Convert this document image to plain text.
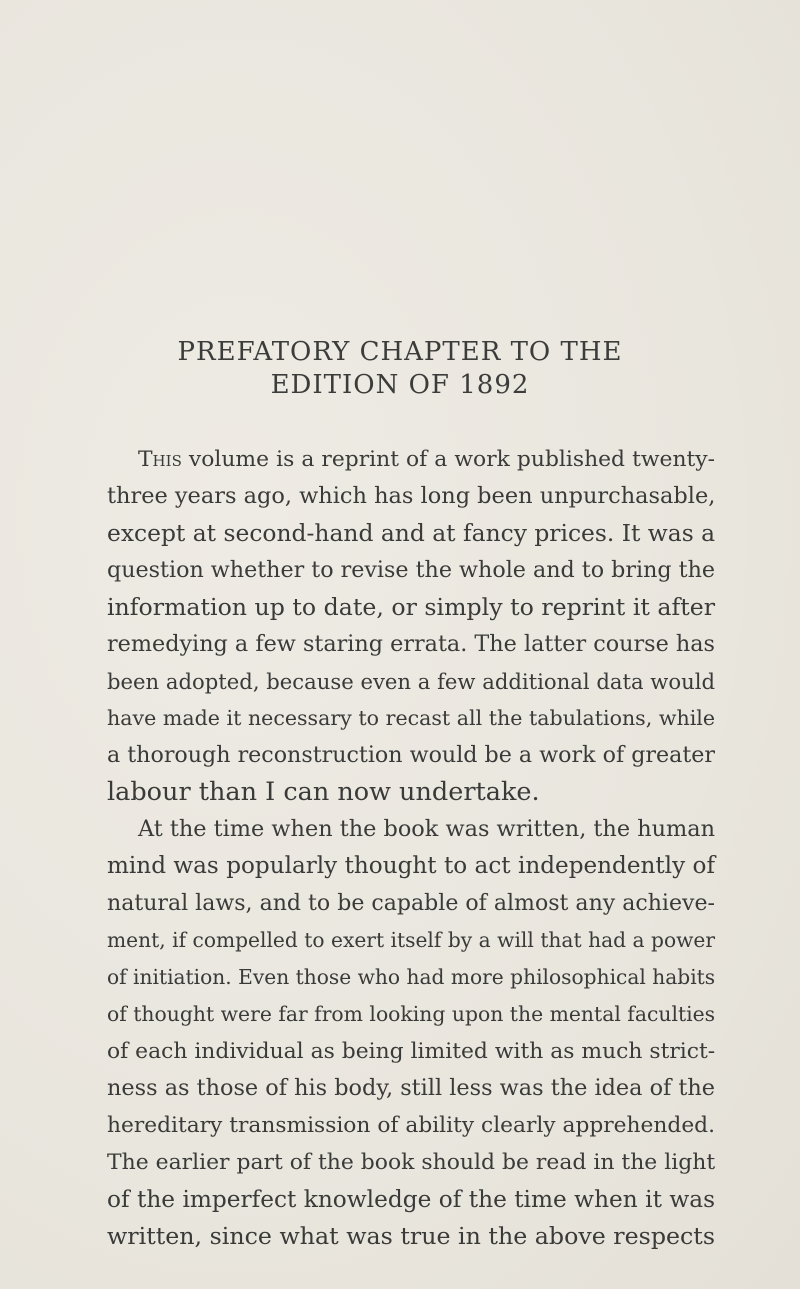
PREFATORY CHAPTER TO THE
EDITION OF 1892
This volume is a reprint of a work published twenty-
three years ago, which has long been unpurchasable,
except at second-hand and at fancy prices. It was a
question whether to revise the whole and to bring the
information up to date, or simply to reprint it after
remedying a few staring errata. The latter course has
been adopted, because even a few additional data would
have made it necessary to recast all the tabulations, while
a thorough reconstruction would be a work of greater
labour than I can now undertake.
At the time when the book was written, the human
mind was popularly thought to act independently of
natural laws, and to be capable of almost any achieve-
ment, if compelled to exert itself by a will that had a power
of initiation. Even those who had more philosophical habits
of thought were far from looking upon the mental faculties
of each individual as being limited with as much strict-
ness as those of his body, still less was the idea of the
hereditary transmission of ability clearly apprehended.
The earlier part of the book should be read in the light
of the imperfect knowledge of the time when it was
written, since what was true in the above respects
